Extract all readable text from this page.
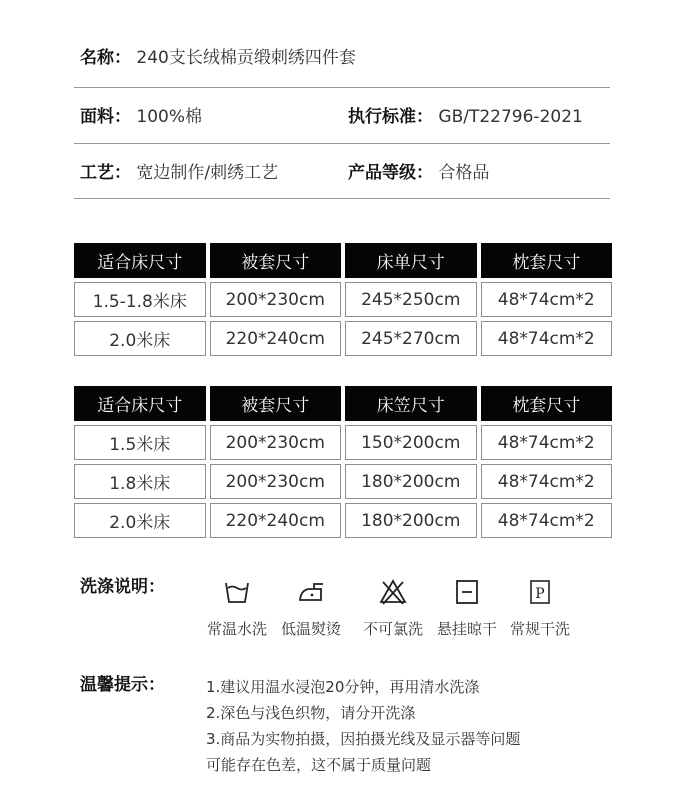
名称： 240支长绒棉贡缎刺绣四件套
面料： 100%棉	执行标准： GB/T22796-2021
工艺： 宽边制作/刺绣工艺	产品等级： 合格品
适合床尺寸	被套尺寸	床单尺寸	枕套尺寸
1.5-1.8米床	200*230cm	245*250cm	48*74cm*2
2.0米床	220*240cm	245*270cm	48*74cm*2
适合床尺寸	被套尺寸	床笠尺寸	枕套尺寸
1.5米床	200*230cm	150*200cm	48*74cm*2
1.8米床	200*230cm	180*200cm	48*74cm*2
2.0米床	220*240cm	180*200cm	48*74cm*2
洗涤说明：
常温水洗 低温熨烫	不可氯洗 悬挂晾干
P
常规干洗
温馨提示：	1.建议用温水浸泡20分钟，再用清水洗涤
2.深色与浅色织物，请分开洗涤
3.商品为实物拍摄，因拍摄光线及显示器等问题
可能存在色差，这不属于质量问题
